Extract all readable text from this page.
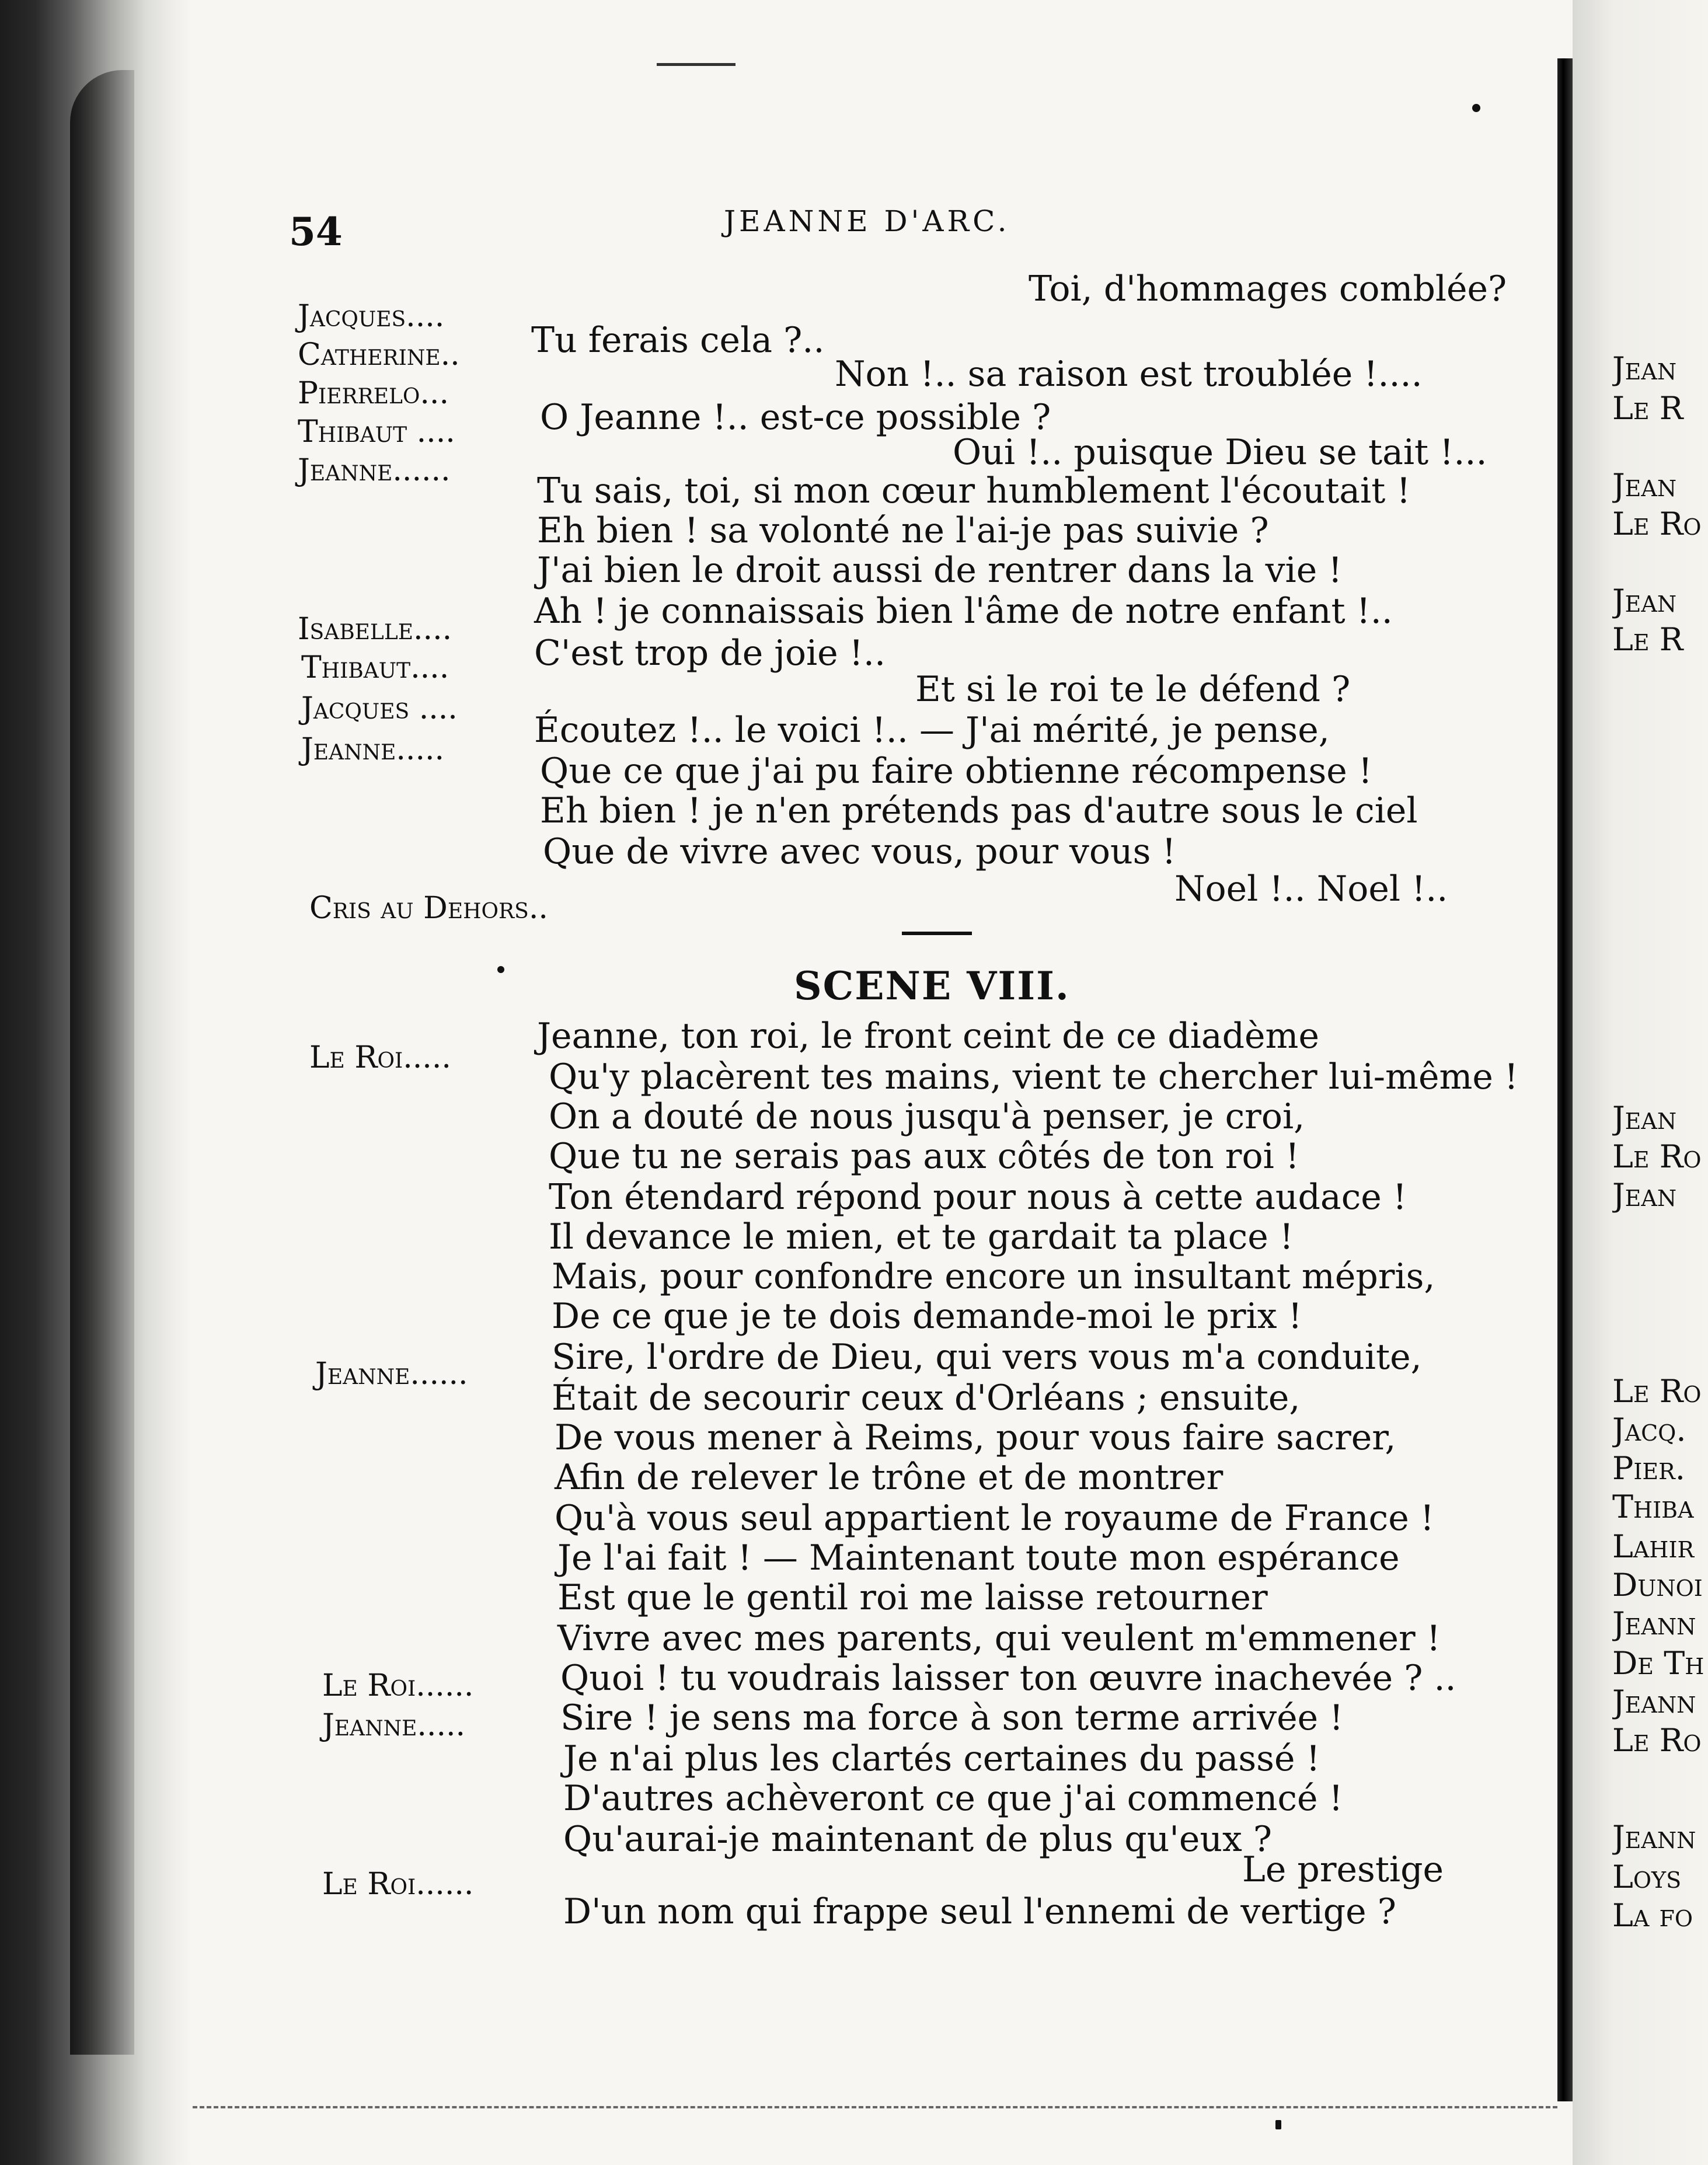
54	JEANNE D'ARC.
Jacques....
Catherine..
Pierrelo...
Thibaut ....
Jeanne......
Isabelle....
Thibaut....
Jacques ....
Jeanne.....
Cris au Dehors..
Toi, d'hommages comblée?
Tu ferais cela ?..
Non !.. sa raison est troublée !....
O Jeanne !.. est-ce possible ?
Oui !.. puisque Dieu se tait !...
Tu sais, toi, si mon cœur humblement l'écoutait !
Eh bien ! sa volonté ne l'ai-je pas suivie ?
J'ai bien le droit aussi de rentrer dans la vie !
Ah ! je connaissais bien l'âme de notre enfant !..
C'est trop de joie !..
Et si le roi te le défend ?
Écoutez !.. le voici !.. — J'ai mérité, je pense,
Que ce que j'ai pu faire obtienne récompense !
Eh bien ! je n'en prétends pas d'autre sous le ciel
Que de vivre avec vous, pour vous !
Noel !.. Noel !..
SCENE VIII.
Le Roi.....
Jeanne......
Le Roi......
Jeanne.....
Le Roi......
Jeanne, ton roi, le front ceint de ce diadème
Qu'y placèrent tes mains, vient te chercher lui-même !
On a douté de nous jusqu'à penser, je croi,
Que tu ne serais pas aux côtés de ton roi !
Ton étendard répond pour nous à cette audace !
Il devance le mien, et te gardait ta place !
Mais, pour confondre encore un insultant mépris,
De ce que je te dois demande-moi le prix !
Sire, l'ordre de Dieu, qui vers vous m'a conduite,
Était de secourir ceux d'Orléans ; ensuite,
De vous mener à Reims, pour vous faire sacrer,
Afin de relever le trône et de montrer
Qu'à vous seul appartient le royaume de France !
Je l'ai fait ! — Maintenant toute mon espérance
Est que le gentil roi me laisse retourner
Vivre avec mes parents, qui veulent m'emmener !
Quoi ! tu voudrais laisser ton œuvre inachevée ? ..
Sire ! je sens ma force à son terme arrivée !
Je n'ai plus les clartés certaines du passé !
D'autres achèveront ce que j'ai commencé !
Qu'aurai-je maintenant de plus qu'eux ?
Le prestige
D'un nom qui frappe seul l'ennemi de vertige ?
Jean
Le R
Jean
Le Ro
Jean
Le R
Jean
Le Ro
Jean
Le Ro
Jacq.
Pier.
Thiba
Lahir
Dunoi
Jeann
De Th
Jeann
Le Ro
Jeann
Loys
La fo
